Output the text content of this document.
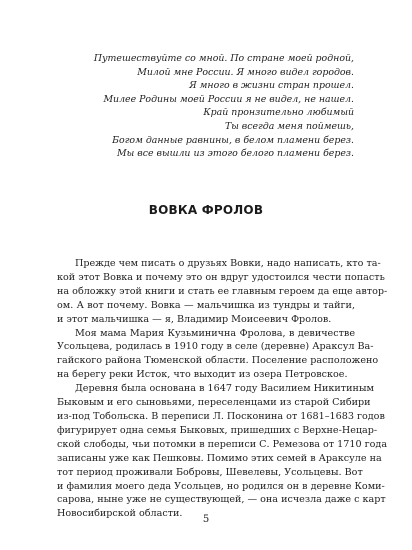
Путешествуйте со мной. По стране моей родной,
Милой мне России. Я много видел городов.
Я много в жизни стран прошел.
Милее Родины моей России я не видел, не нашел.
Край пронзительно любимый
Ты всегда меня поймешь,
Богом данные равнины, в белом пламени берез.
Мы все вышли из этого белого пламени берез.
ВОВКА ФРОЛОВ
Прежде чем писать о друзьях Вовки, надо написать, кто та-
кой этот Вовка и почему это он вдруг удостоился чести попасть
на обложку этой книги и стать ее главным героем да еще автор-
ом. А вот почему. Вовка — мальчишка из тундры и тайги,
и этот мальчишка — я, Владимир Моисеевич Фролов.
Моя мама Мария Кузьминична Фролова, в девичестве
Усольцева, родилась в 1910 году в селе (деревне) Араксул Ва-
гайского района Тюменской области. Поселение расположено
на берегу реки Исток, что выходит из озера Петровское.
Деревня была основана в 1647 году Василием Никитиным
Быковым и его сыновьями, переселенцами из старой Сибири
из-под Тобольска. В переписи Л. Посконина от 1681–1683 годов
фигурирует одна семья Быковых, пришедших с Верхне-Нецар-
ской слободы, чьи потомки в переписи С. Ремезова от 1710 года
записаны уже как Пешковы. Помимо этих семей в Араксуле на
тот период проживали Бобровы, Шевелевы, Усольцевы. Вот
и фамилия моего деда Усольцев, но родился он в деревне Коми-
сарова, ныне уже не существующей, — она исчезла даже с карт
Новосибирской области.
5
